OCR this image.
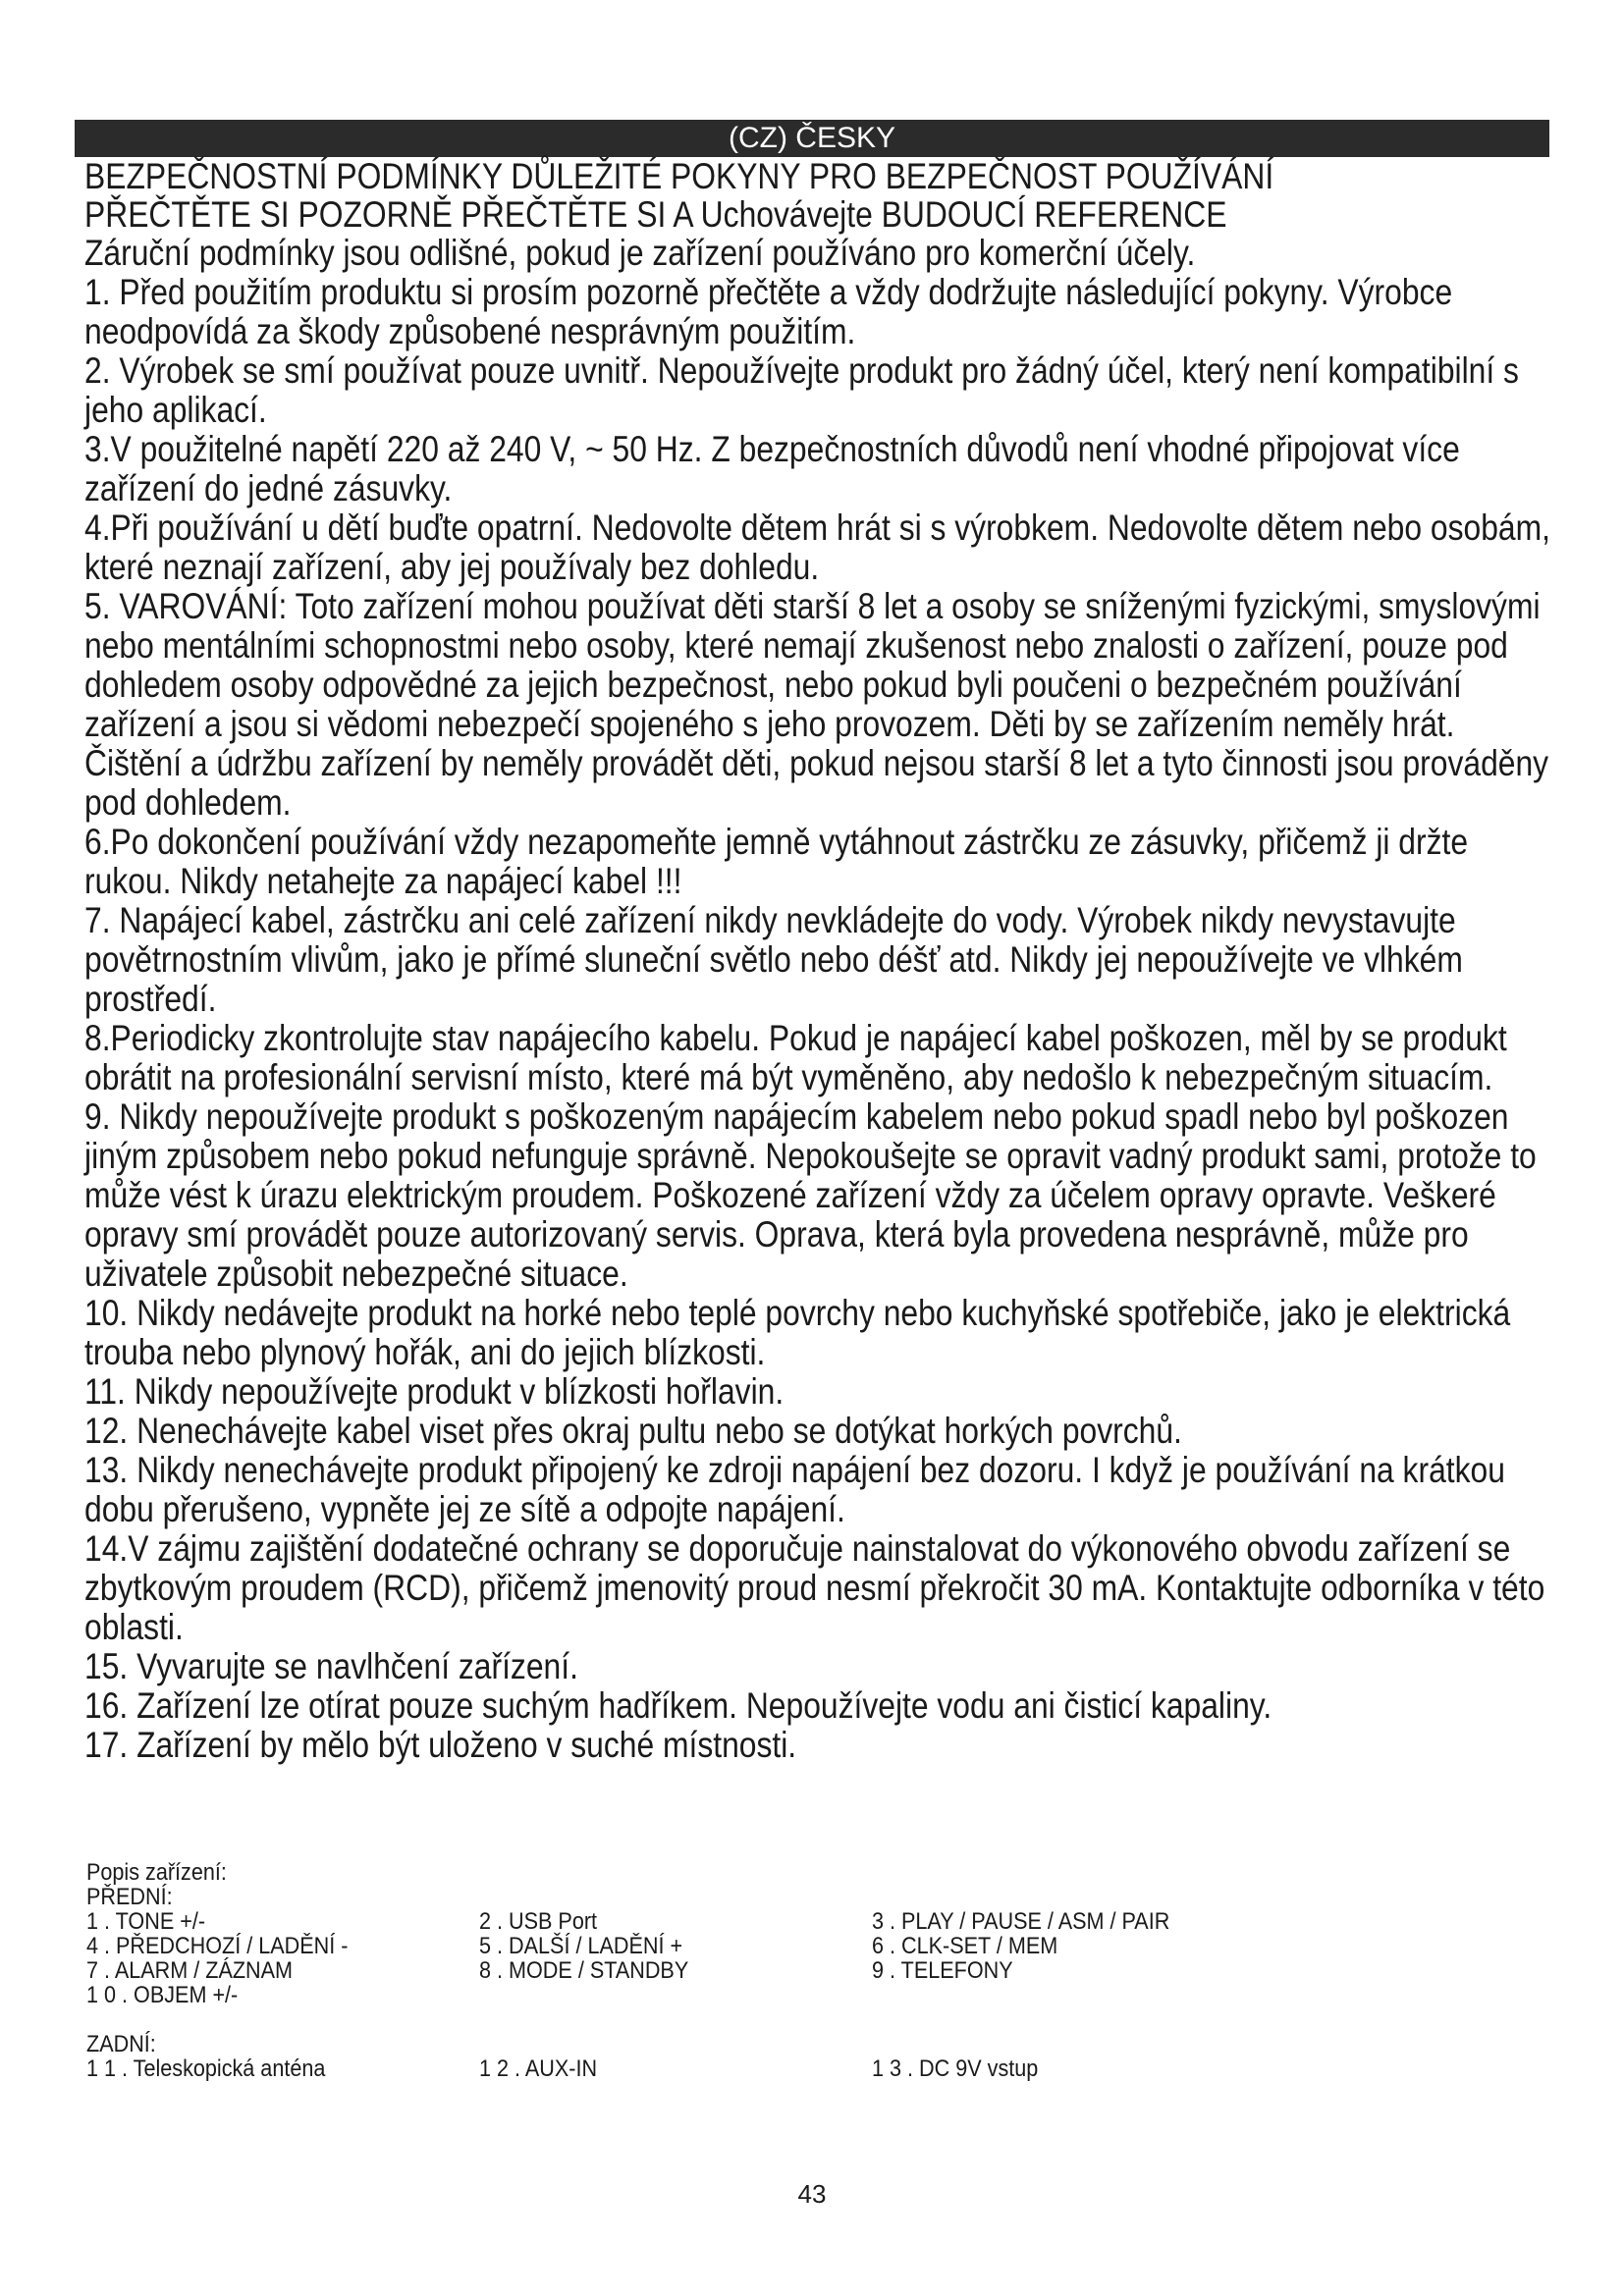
(CZ) ČESKY
BEZPEČNOSTNÍ PODMÍNKY DŮLEŽITÉ POKYNY PRO BEZPEČNOST POUŽÍVÁNÍ
PŘEČTĚTE SI POZORNĚ PŘEČTĚTE SI A Uchovávejte BUDOUCÍ REFERENCE

Záruční podmínky jsou odlišné, pokud je zařízení používáno pro komerční účely.

1. Před použitím produktu si prosím pozorně přečtěte a vždy dodržujte následující pokyny. Výrobce neodpovídá za škody způsobené nesprávným použitím.

2. Výrobek se smí používat pouze uvnitř. Nepoužívejte produkt pro žádný účel, který není kompatibilní s jeho aplikací.

3.V použitelné napětí 220 až 240 V, ~ 50 Hz. Z bezpečnostních důvodů není vhodné připojovat více zařízení do jedné zásuvky.

4.Při používání u dětí buďte opatrní. Nedovolte dětem hrát si s výrobkem. Nedovolte dětem nebo osobám, které neznají zařízení, aby jej používaly bez dohledu.

5. VAROVÁNÍ: Toto zařízení mohou používat děti starší 8 let a osoby se sníženými fyzickými, smyslovými nebo mentálními schopnostmi nebo osoby, které nemají zkušenost nebo znalosti o zařízení, pouze pod dohledem osoby odpovědné za jejich bezpečnost, nebo pokud byli poučeni o bezpečném používání zařízení a jsou si vědomi nebezpečí spojeného s jeho provozem. Děti by se zařízením neměly hrát. Čištění a údržbu zařízení by neměly provádět děti, pokud nejsou starší 8 let a tyto činnosti jsou prováděny pod dohledem.

6.Po dokončení používání vždy nezapomeňte jemně vytáhnout zástrčku ze zásuvky, přičemž ji držte rukou. Nikdy netahejte za napájecí kabel !!!

7. Napájecí kabel, zástrčku ani celé zařízení nikdy nevkládejte do vody. Výrobek nikdy nevystavujte povětrnostním vlivům, jako je přímé sluneční světlo nebo déšť atd. Nikdy jej nepoužívejte ve vlhkém prostředí.

8.Periodicky zkontrolujte stav napájecího kabelu. Pokud je napájecí kabel poškozen, měl by se produkt obrátit na profesionální servisní místo, které má být vyměněno, aby nedošlo k nebezpečným situacím.

9. Nikdy nepoužívejte produkt s poškozeným napájecím kabelem nebo pokud spadl nebo byl poškozen jiným způsobem nebo pokud nefunguje správně. Nepokoušejte se opravit vadný produkt sami, protože to může vést k úrazu elektrickým proudem. Poškozené zařízení vždy za účelem opravy opravte. Veškeré opravy smí provádět pouze autorizovaný servis. Oprava, která byla provedena nesprávně, může pro uživatele způsobit nebezpečné situace.

10. Nikdy nedávejte produkt na horké nebo teplé povrchy nebo kuchyňské spotřebiče, jako je elektrická trouba nebo plynový hořák, ani do jejich blízkosti.

11. Nikdy nepoužívejte produkt v blízkosti hořlavin.

12. Nenechávejte kabel viset přes okraj pultu nebo se dotýkat horkých povrchů.

13. Nikdy nenechávejte produkt připojený ke zdroji napájení bez dozoru. I když je používání na krátkou dobu přerušeno, vypněte jej ze sítě a odpojte napájení.

14.V zájmu zajištění dodatečné ochrany se doporučuje nainstalovat do výkonového obvodu zařízení se zbytkovým proudem (RCD), přičemž jmenovitý proud nesmí překročit 30 mA. Kontaktujte odborníka v této oblasti.

15. Vyvarujte se navlhčení zařízení.

16. Zařízení lze otírat pouze suchým hadříkem. Nepoužívejte vodu ani čisticí kapaliny.

17. Zařízení by mělo být uloženo v suché místnosti.

Popis zařízení:
PŘEDNÍ:
1 . TONE +/-	2 . USB Port	3 . PLAY / PAUSE / ASM / PAIR
4 . PŘEDCHOZÍ / LADĚNÍ -	5 . DALŠÍ / LADĚNÍ +	6 . CLK-SET / MEM
7 . ALARM / ZÁZNAM	8 . MODE / STANDBY	9 . TELEFONY
1 0 . OBJEM +/-
ZADNÍ:
1 1 . Teleskopická anténa	1 2 . AUX-IN	1 3 . DC 9V vstup
43
